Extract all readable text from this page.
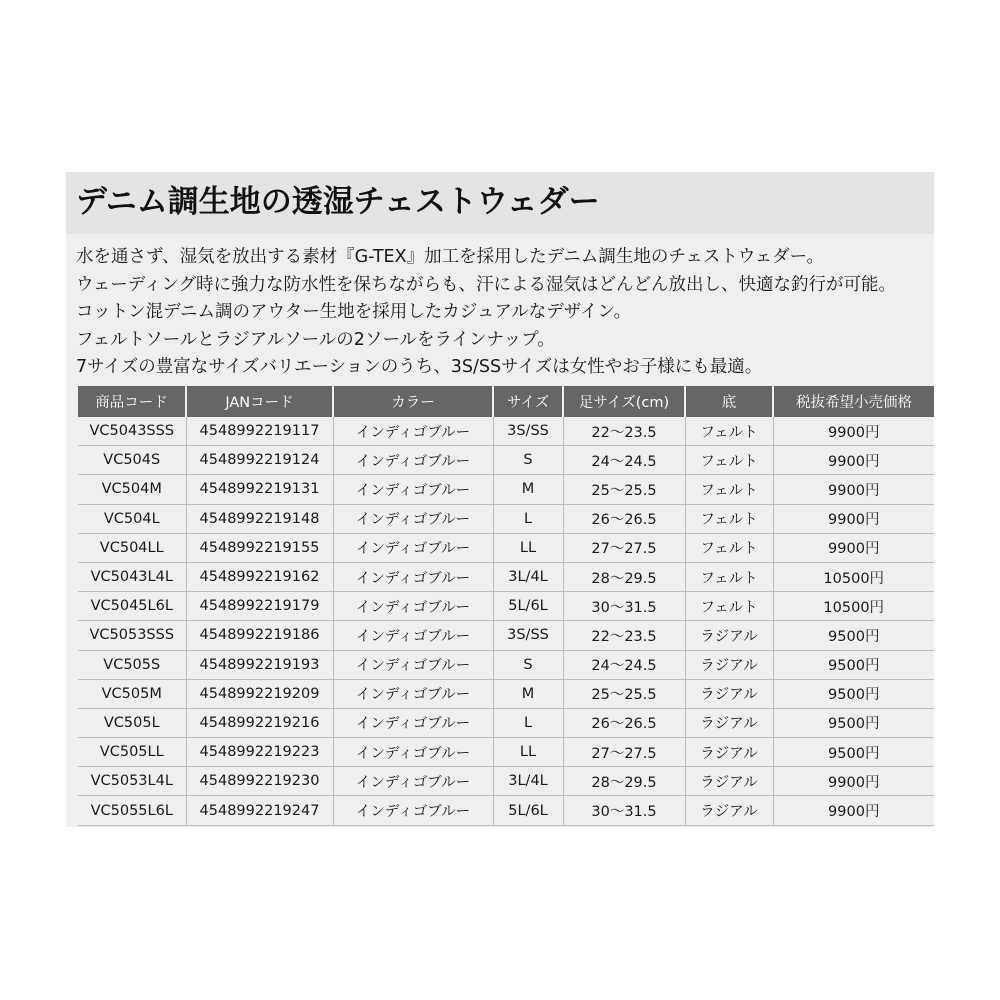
デニム調生地の透湿チェストウェダー
水を通さず、湿気を放出する素材『G-TEX』加工を採用したデニム調生地のチェストウェダー。
ウェーディング時に強力な防水性を保ちながらも、汗による湿気はどんどん放出し、快適な釣行が可能。
コットン混デニム調のアウター生地を採用したカジュアルなデザイン。
フェルトソールとラジアルソールの2ソールをラインナップ。
7サイズの豊富なサイズバリエーションのうち、3S/SSサイズは女性やお子様にも最適。
商品コード	JANコード	カラー	サイズ	足サイズ(cm)	底	税抜希望小売価格
VC5043SSS	4548992219117	インディゴブルー	3S/SS	22～23.5	フェルト	9900円
VC504S	4548992219124	インディゴブルー	S	24～24.5	フェルト	9900円
VC504M	4548992219131	インディゴブルー	M	25～25.5	フェルト	9900円
VC504L	4548992219148	インディゴブルー	L	26～26.5	フェルト	9900円
VC504LL	4548992219155	インディゴブルー	LL	27～27.5	フェルト	9900円
VC5043L4L	4548992219162	インディゴブルー	3L/4L	28～29.5	フェルト	10500円
VC5045L6L	4548992219179	インディゴブルー	5L/6L	30～31.5	フェルト	10500円
VC5053SSS	4548992219186	インディゴブルー	3S/SS	22～23.5	ラジアル	9500円
VC505S	4548992219193	インディゴブルー	S	24～24.5	ラジアル	9500円
VC505M	4548992219209	インディゴブルー	M	25～25.5	ラジアル	9500円
VC505L	4548992219216	インディゴブルー	L	26～26.5	ラジアル	9500円
VC505LL	4548992219223	インディゴブルー	LL	27～27.5	ラジアル	9500円
VC5053L4L	4548992219230	インディゴブルー	3L/4L	28～29.5	ラジアル	9900円
VC5055L6L	4548992219247	インディゴブルー	5L/6L	30～31.5	ラジアル	9900円
